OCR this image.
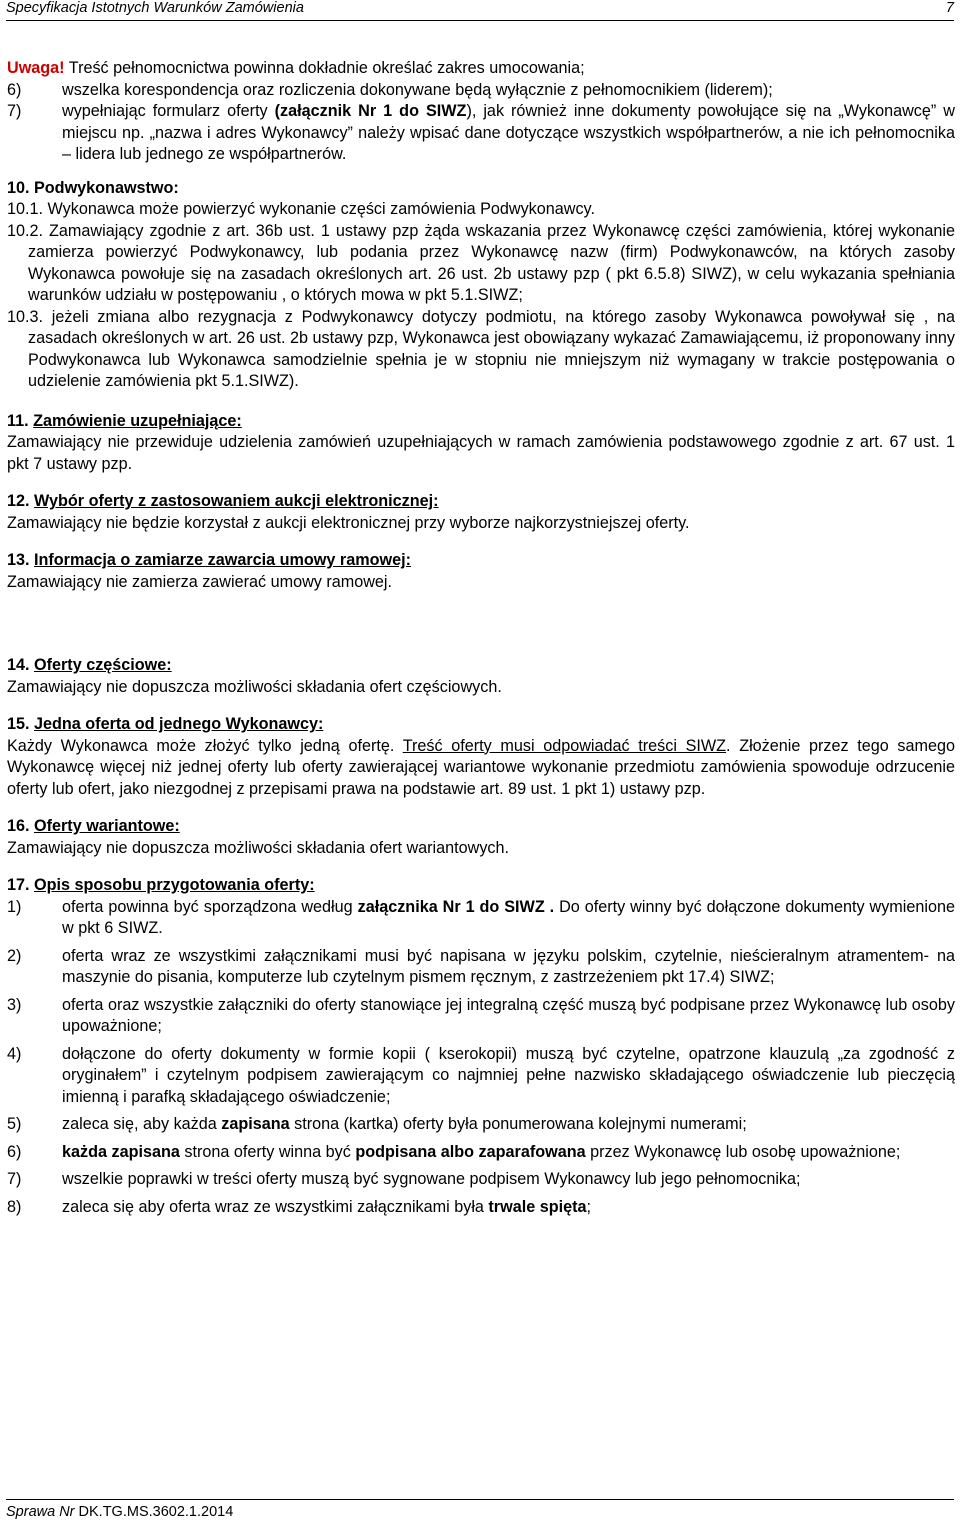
Specyfikacja Istotnych Warunków Zamówienia	7

Uwaga! Treść pełnomocnictwa powinna dokładnie określać zakres umocowania;

6)	wszelka korespondencja oraz rozliczenia dokonywane będą wyłącznie z pełnomocnikiem (liderem);
7)	wypełniając formularz oferty (załącznik Nr 1 do SIWZ), jak również inne dokumenty powołujące się na „Wykonawcę” w miejscu np. „nazwa i adres Wykonawcy” należy wpisać dane dotyczące wszystkich współpartnerów, a nie ich pełnomocnika – lidera lub jednego ze współpartnerów.

10. Podwykonawstwo:

10.1. Wykonawca może powierzyć wykonanie części zamówienia Podwykonawcy.

10.2. Zamawiający zgodnie z art. 36b ust. 1 ustawy pzp żąda wskazania przez Wykonawcę części zamówienia, której wykonanie zamierza powierzyć Podwykonawcy, lub podania przez Wykonawcę nazw (firm) Podwykonawców, na których zasoby Wykonawca powołuje się na zasadach określonych art. 26 ust. 2b ustawy pzp ( pkt 6.5.8) SIWZ), w celu wykazania spełniania warunków udziału w postępowaniu , o których mowa w pkt 5.1.SIWZ;
10.3. jeżeli zmiana albo rezygnacja z Podwykonawcy dotyczy podmiotu, na którego zasoby Wykonawca powoływał się , na zasadach określonych w art. 26 ust. 2b ustawy pzp, Wykonawca jest obowiązany wykazać Zamawiającemu, iż proponowany inny Podwykonawca lub Wykonawca samodzielnie spełnia je w stopniu nie mniejszym niż wymagany w trakcie postępowania o udzielenie zamówienia pkt 5.1.SIWZ).

11. Zamówienie uzupełniające:

Zamawiający nie przewiduje udzielenia zamówień uzupełniających w ramach zamówienia podstawowego zgodnie z art. 67 ust. 1 pkt 7 ustawy pzp.

12. Wybór oferty z zastosowaniem aukcji elektronicznej:

Zamawiający nie będzie korzystał z aukcji elektronicznej przy wyborze najkorzystniejszej oferty.

13. Informacja o zamiarze zawarcia umowy ramowej:

Zamawiający nie zamierza zawierać umowy ramowej.

14. Oferty częściowe:

Zamawiający nie dopuszcza możliwości składania ofert częściowych.

15. Jedna oferta od jednego Wykonawcy:

Każdy Wykonawca może złożyć tylko jedną ofertę. Treść oferty musi odpowiadać treści SIWZ. Złożenie przez tego samego Wykonawcę więcej niż jednej oferty lub oferty zawierającej wariantowe wykonanie przedmiotu zamówienia spowoduje odrzucenie oferty lub ofert, jako niezgodnej z przepisami prawa na podstawie art. 89 ust. 1 pkt 1) ustawy pzp.

16. Oferty wariantowe:

Zamawiający nie dopuszcza możliwości składania ofert wariantowych.

17. Opis sposobu przygotowania oferty:

1)	oferta powinna być sporządzona według załącznika Nr 1 do SIWZ . Do oferty winny być dołączone dokumenty wymienione w pkt 6 SIWZ.
2)	oferta wraz ze wszystkimi załącznikami musi być napisana w języku polskim, czytelnie, nieścieralnym atramentem- na maszynie do pisania, komputerze lub czytelnym pismem ręcznym, z zastrzeżeniem pkt 17.4) SIWZ;
3)	oferta oraz wszystkie załączniki do oferty stanowiące jej integralną część muszą być podpisane przez Wykonawcę lub osoby upoważnione;
4)	dołączone do oferty dokumenty w formie kopii ( kserokopii) muszą być czytelne, opatrzone klauzulą „za zgodność z oryginałem” i czytelnym podpisem zawierającym co najmniej pełne nazwisko składającego oświadczenie lub pieczęcią imienną i parafką składającego oświadczenie;
5)	zaleca się, aby każda zapisana strona (kartka) oferty była ponumerowana kolejnymi numerami;
6)	każda zapisana strona oferty winna być podpisana albo zaparafowana przez Wykonawcę lub osobę upoważnione;
7)	wszelkie poprawki w treści oferty muszą być sygnowane podpisem Wykonawcy lub jego pełnomocnika;
8)	zaleca się aby oferta wraz ze wszystkimi załącznikami była trwale spięta;
Sprawa Nr DK.TG.MS.3602.1.2014
